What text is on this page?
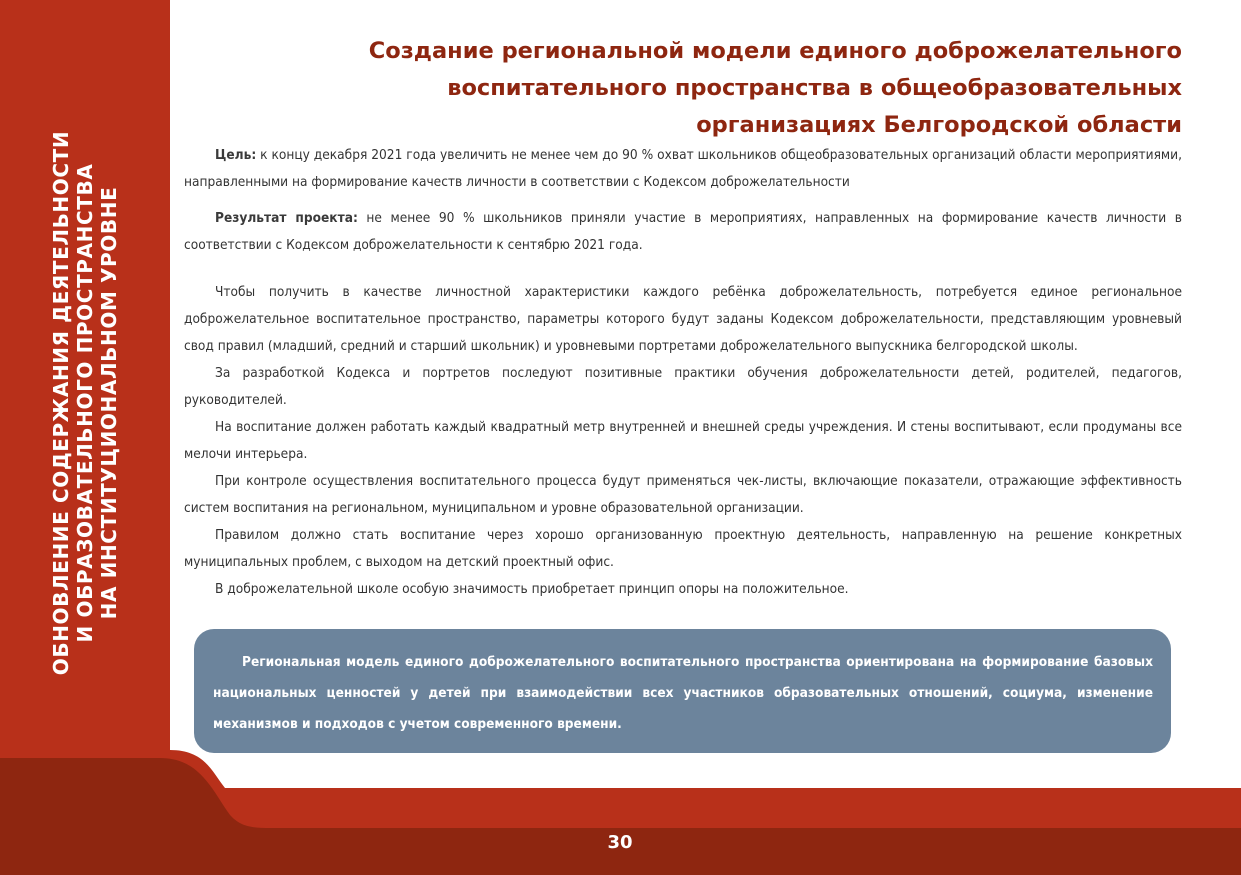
ОБНОВЛЕНИЕ СОДЕРЖАНИЯ ДЕЯТЕЛЬНОСТИ И ОБРАЗОВАТЕЛЬНОГО ПРОСТРАНСТВА НА ИНСТИТУЦИОНАЛЬНОМ УРОВНЕ
30
Создание региональной модели единого доброжелательного
воспитательного пространства в общеобразовательных
организациях Белгородской области

Цель: к концу декабря 2021 года увеличить не менее чем до 90 % охват школьников общеобразовательных организаций области мероприятиями, направленными на формирование качеств личности в соответствии с Кодексом доброжелательности

Результат проекта: не менее 90 % школьников приняли участие в мероприятиях, направленных на формирование качеств личности в соответствии с Кодексом доброжелательности к сентябрю 2021 года.

Чтобы получить в качестве личностной характеристики каждого ребёнка доброжелательность, потребуется единое региональное доброжелательное воспитательное пространство, параметры которого будут заданы Кодексом доброжелательности, представляющим уровневый свод правил (младший, средний и старший школьник) и уровневыми портретами доброжелательного выпускника белгородской школы.

За разработкой Кодекса и портретов последуют позитивные практики обучения доброжелательности детей, родителей, педагогов, руководителей.

На воспитание должен работать каждый квадратный метр внутренней и внешней среды учреждения. И стены воспитывают, если продуманы все мелочи интерьера.

При контроле осуществления воспитательного процесса будут применяться чек-листы, включающие показатели, отражающие эффективность систем воспитания на региональном, муниципальном и уровне образовательной организации.

Правилом должно стать воспитание через хорошо организованную проектную деятельность, направленную на решение конкретных муниципальных проблем, с выходом на детский проектный офис.

В доброжелательной школе особую значимость приобретает принцип опоры на положительное.

Региональная модель единого доброжелательного воспитательного пространства ориентирована на формирование базовых национальных ценностей у детей при взаимодействии всех участников образовательных отношений, социума, изменение механизмов и подходов с учетом современного времени.
